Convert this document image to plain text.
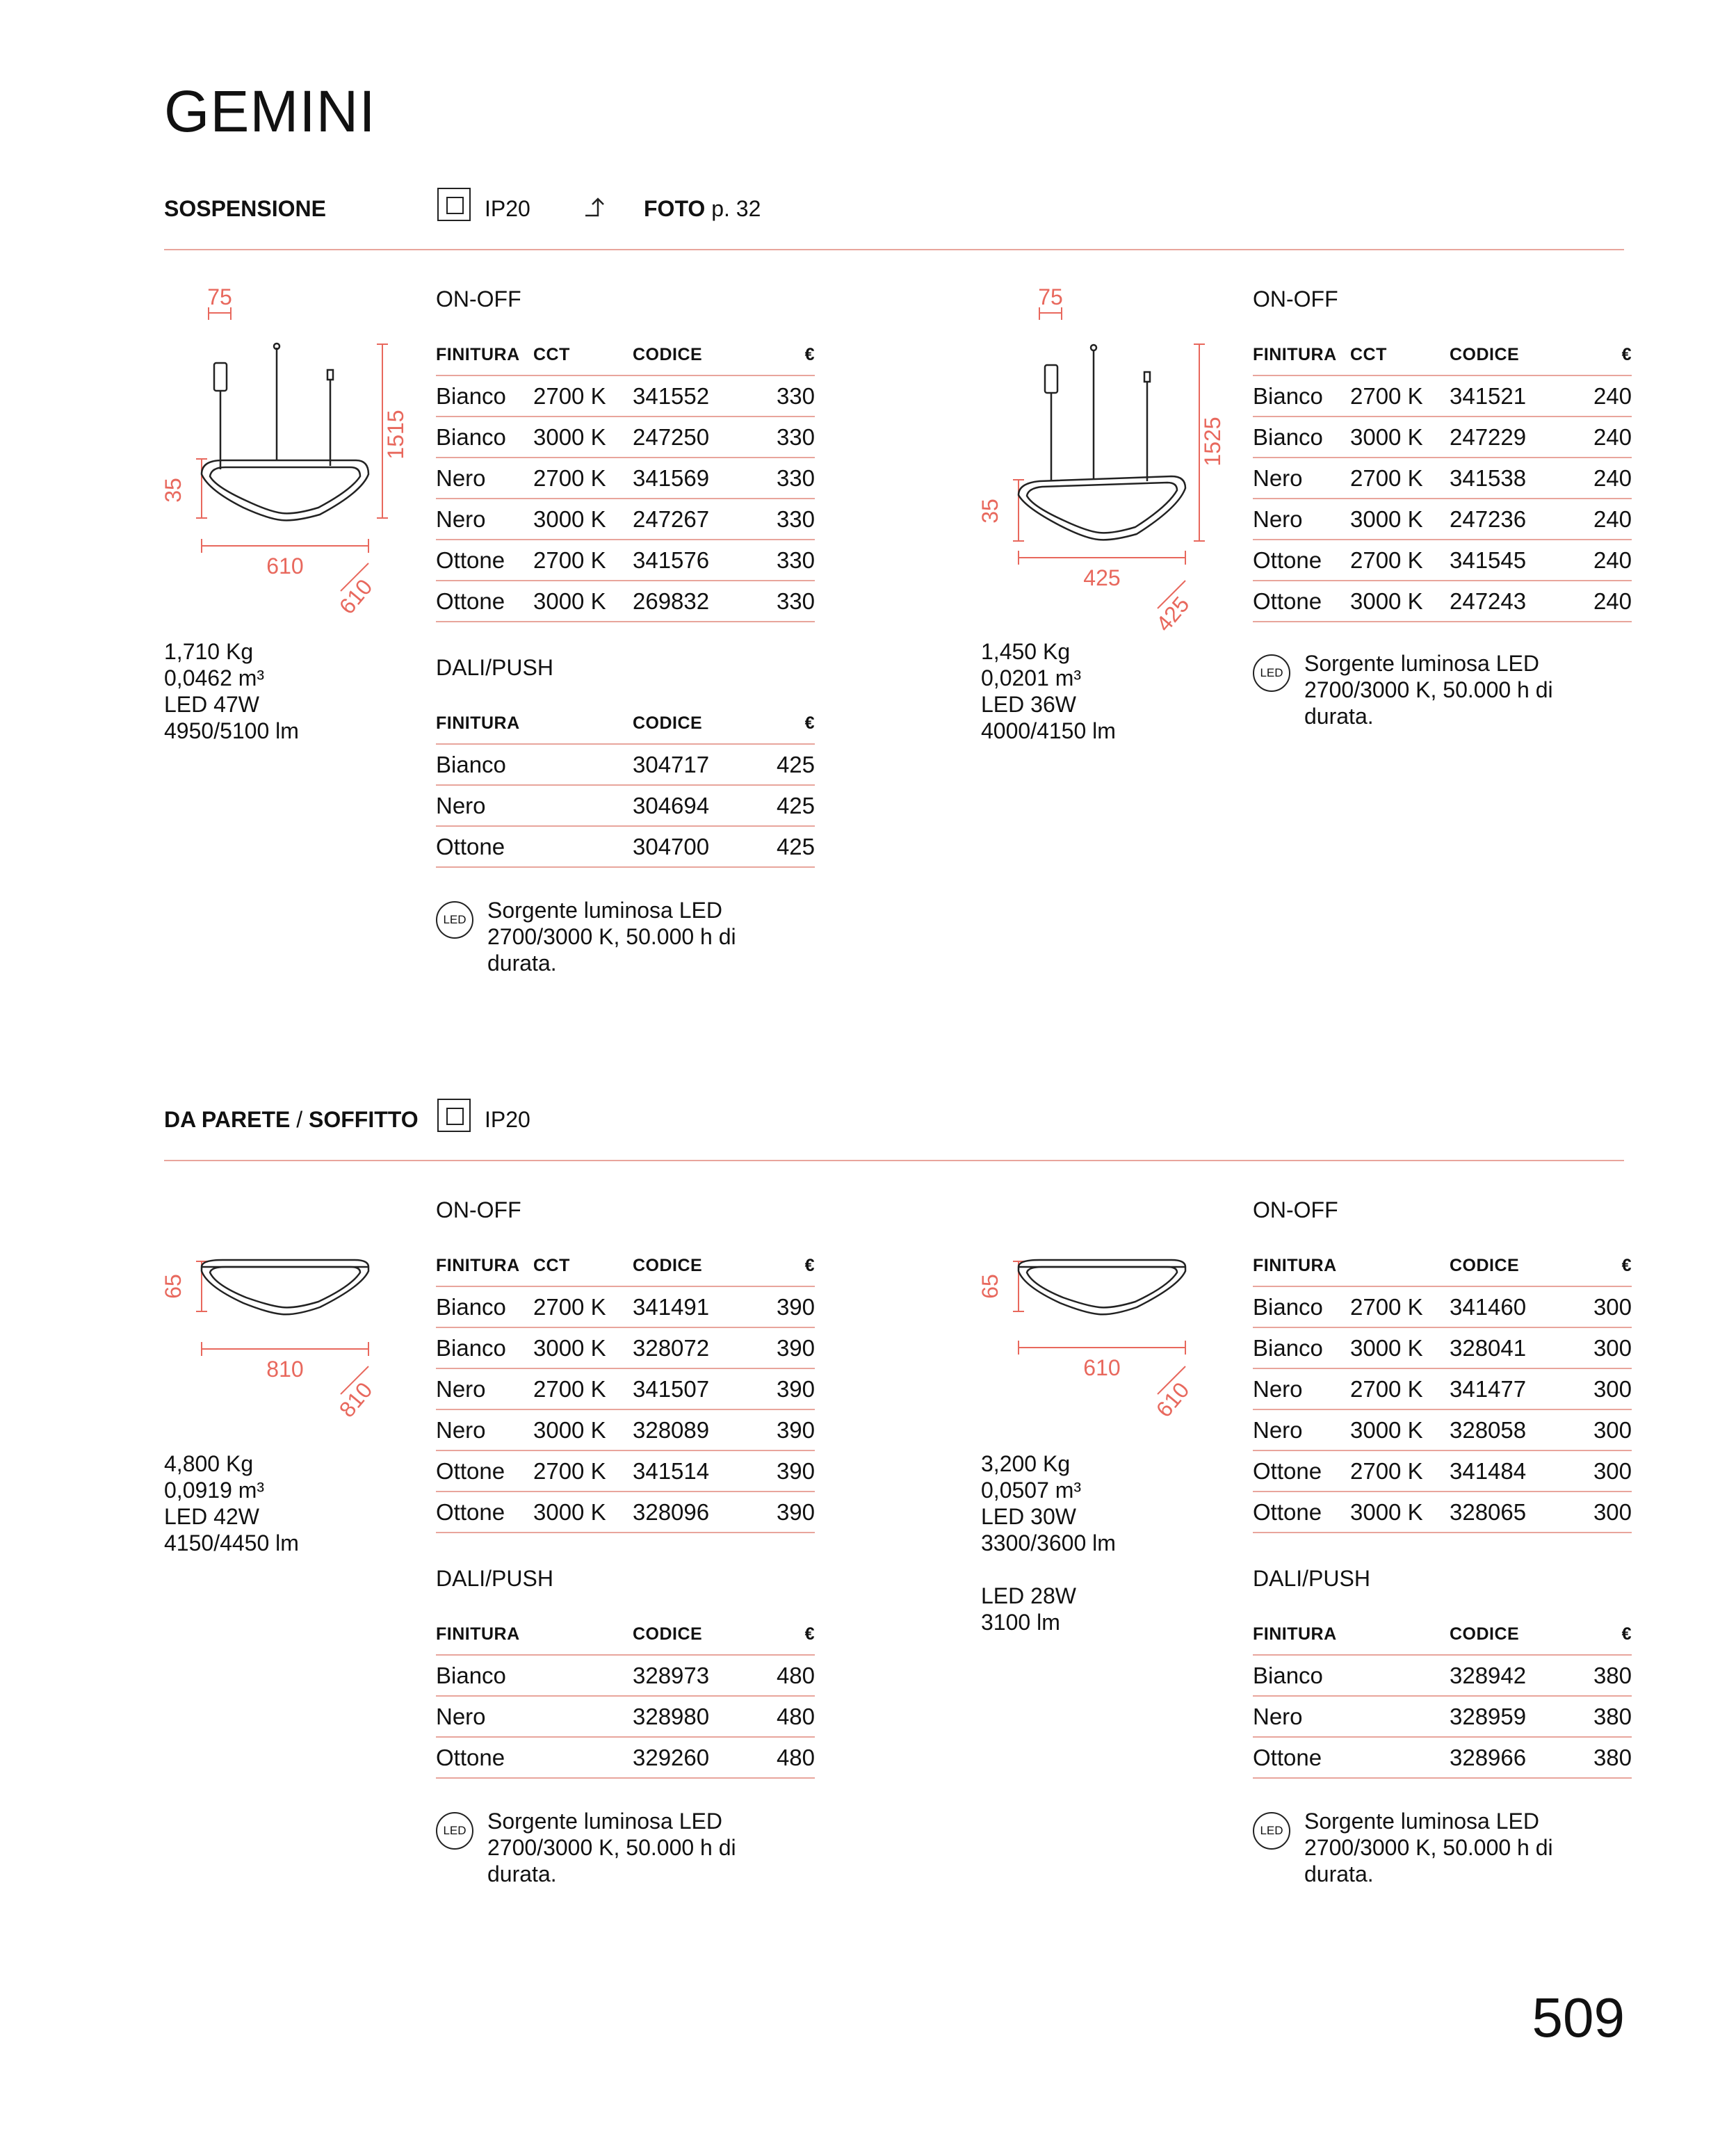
GEMINI
SOSPENSIONE	IP20	FOTO p. 32
75
1515
35
610
610
1,710 Kg
0,0462 m³
LED 47W
4950/5100 lm
ON-OFF
FINITURA	CCT	CODICE	€
Bianco	2700 K	341552	330
Bianco	3000 K	247250	330
Nero	2700 K	341569	330
Nero	3000 K	247267	330
Ottone	2700 K	341576	330
Ottone	3000 K	269832	330
DALI/PUSH
FINITURA	CODICE	€
Bianco	304717	425
Nero	304694	425
Ottone	304700	425
LED Sorgente luminosa LED 2700/3000 K, 50.000 h di durata.
75
1525
35
425
425
1,450 Kg
0,0201 m³
LED 36W
4000/4150 lm
ON-OFF
FINITURA	CCT	CODICE	€
Bianco	2700 K	341521	240
Bianco	3000 K	247229	240
Nero	2700 K	341538	240
Nero	3000 K	247236	240
Ottone	2700 K	341545	240
Ottone	3000 K	247243	240
LED Sorgente luminosa LED 2700/3000 K, 50.000 h di durata.
DA PARETE / SOFFITTO	IP20
65
810
810
4,800 Kg
0,0919 m³
LED 42W
4150/4450 lm
ON-OFF
FINITURA	CCT	CODICE	€
Bianco	2700 K	341491	390
Bianco	3000 K	328072	390
Nero	2700 K	341507	390
Nero	3000 K	328089	390
Ottone	2700 K	341514	390
Ottone	3000 K	328096	390
DALI/PUSH
FINITURA	CODICE	€
Bianco	328973	480
Nero	328980	480
Ottone	329260	480
LED Sorgente luminosa LED 2700/3000 K, 50.000 h di durata.
65
610
610
3,200 Kg
0,0507 m³
LED 30W
3300/3600 lm
LED 28W
3100 lm
ON-OFF
FINITURA		CODICE	€
Bianco	2700 K	341460	300
Bianco	3000 K	328041	300
Nero	2700 K	341477	300
Nero	3000 K	328058	300
Ottone	2700 K	341484	300
Ottone	3000 K	328065	300
DALI/PUSH
FINITURA	CODICE	€
Bianco	328942	380
Nero	328959	380
Ottone	328966	380
LED Sorgente luminosa LED 2700/3000 K, 50.000 h di durata.
509
